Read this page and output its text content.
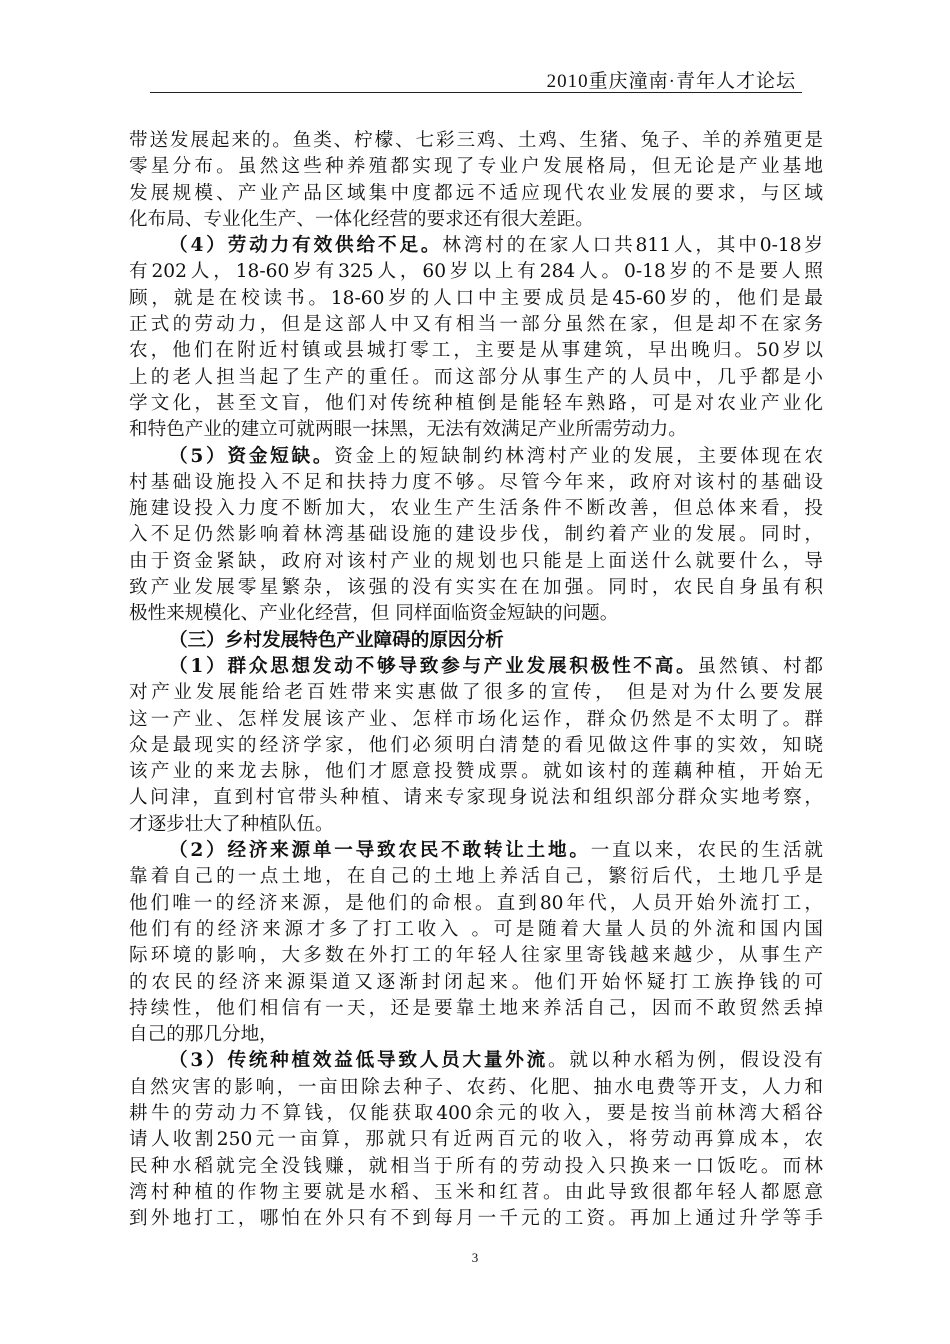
2010重庆潼南·青年人才论坛
带送发展起来的。鱼类、柠檬、七彩三鸡、土鸡、生猪、兔子、羊的养殖更是
零星分布。虽然这些种养殖都实现了专业户发展格局，但无论是产业基地
发展规模、产业产品区域集中度都远不适应现代农业发展的要求，与区域
化布局、专业化生产、一体化经营的要求还有很大差距。
（4）劳动力有效供给不足。林湾村的在家人口共811人，其中0-18岁
有202人，18-60岁有325人，60岁以上有284人。0-18岁的不是要人照
顾，就是在校读书。18-60岁的人口中主要成员是45-60岁的，他们是最
正式的劳动力，但是这部人中又有相当一部分虽然在家，但是却不在家务
农，他们在附近村镇或县城打零工，主要是从事建筑，早出晚归。50岁以
上的老人担当起了生产的重任。而这部分从事生产的人员中，几乎都是小
学文化，甚至文盲，他们对传统种植倒是能轻车熟路，可是对农业产业化
和特色产业的建立可就两眼一抹黑，无法有效满足产业所需劳动力。
（5）资金短缺。资金上的短缺制约林湾村产业的发展，主要体现在农
村基础设施投入不足和扶持力度不够。尽管今年来，政府对该村的基础设
施建设投入力度不断加大，农业生产生活条件不断改善，但总体来看，投
入不足仍然影响着林湾基础设施的建设步伐，制约着产业的发展。同时，
由于资金紧缺，政府对该村产业的规划也只能是上面送什么就要什么，导
致产业发展零星繁杂，该强的没有实实在在加强。同时，农民自身虽有积
极性来规模化、产业化经营，但 同样面临资金短缺的问题。
（三）乡村发展特色产业障碍的原因分析
（1）群众思想发动不够导致参与产业发展积极性不高。虽然镇、村都
对产业发展能给老百姓带来实惠做了很多的宣传， 但是对为什么要发展
这一产业、怎样发展该产业、怎样市场化运作，群众仍然是不太明了。群
众是最现实的经济学家，他们必须明白清楚的看见做这件事的实效，知晓
该产业的来龙去脉，他们才愿意投赞成票。就如该村的莲藕种植，开始无
人问津，直到村官带头种植、请来专家现身说法和组织部分群众实地考察，
才逐步壮大了种植队伍。
（2）经济来源单一导致农民不敢转让土地。一直以来，农民的生活就
靠着自己的一点土地，在自己的土地上养活自己，繁衍后代，土地几乎是
他们唯一的经济来源，是他们的命根。直到80年代，人员开始外流打工，
他们有的经济来源才多了打工收入 。可是随着大量人员的外流和国内国
际环境的影响，大多数在外打工的年轻人往家里寄钱越来越少，从事生产
的农民的经济来源渠道又逐渐封闭起来。他们开始怀疑打工族挣钱的可
持续性，他们相信有一天，还是要靠土地来养活自己，因而不敢贸然丢掉
自己的那几分地，
（3）传统种植效益低导致人员大量外流。就以种水稻为例，假设没有
自然灾害的影响，一亩田除去种子、农药、化肥、抽水电费等开支，人力和
耕牛的劳动力不算钱，仅能获取400余元的收入，要是按当前林湾大稻谷
请人收割250元一亩算，那就只有近两百元的收入，将劳动再算成本，农
民种水稻就完全没钱赚，就相当于所有的劳动投入只换来一口饭吃。而林
湾村种植的作物主要就是水稻、玉米和红苕。由此导致很都年轻人都愿意
到外地打工，哪怕在外只有不到每月一千元的工资。再加上通过升学等手
3
